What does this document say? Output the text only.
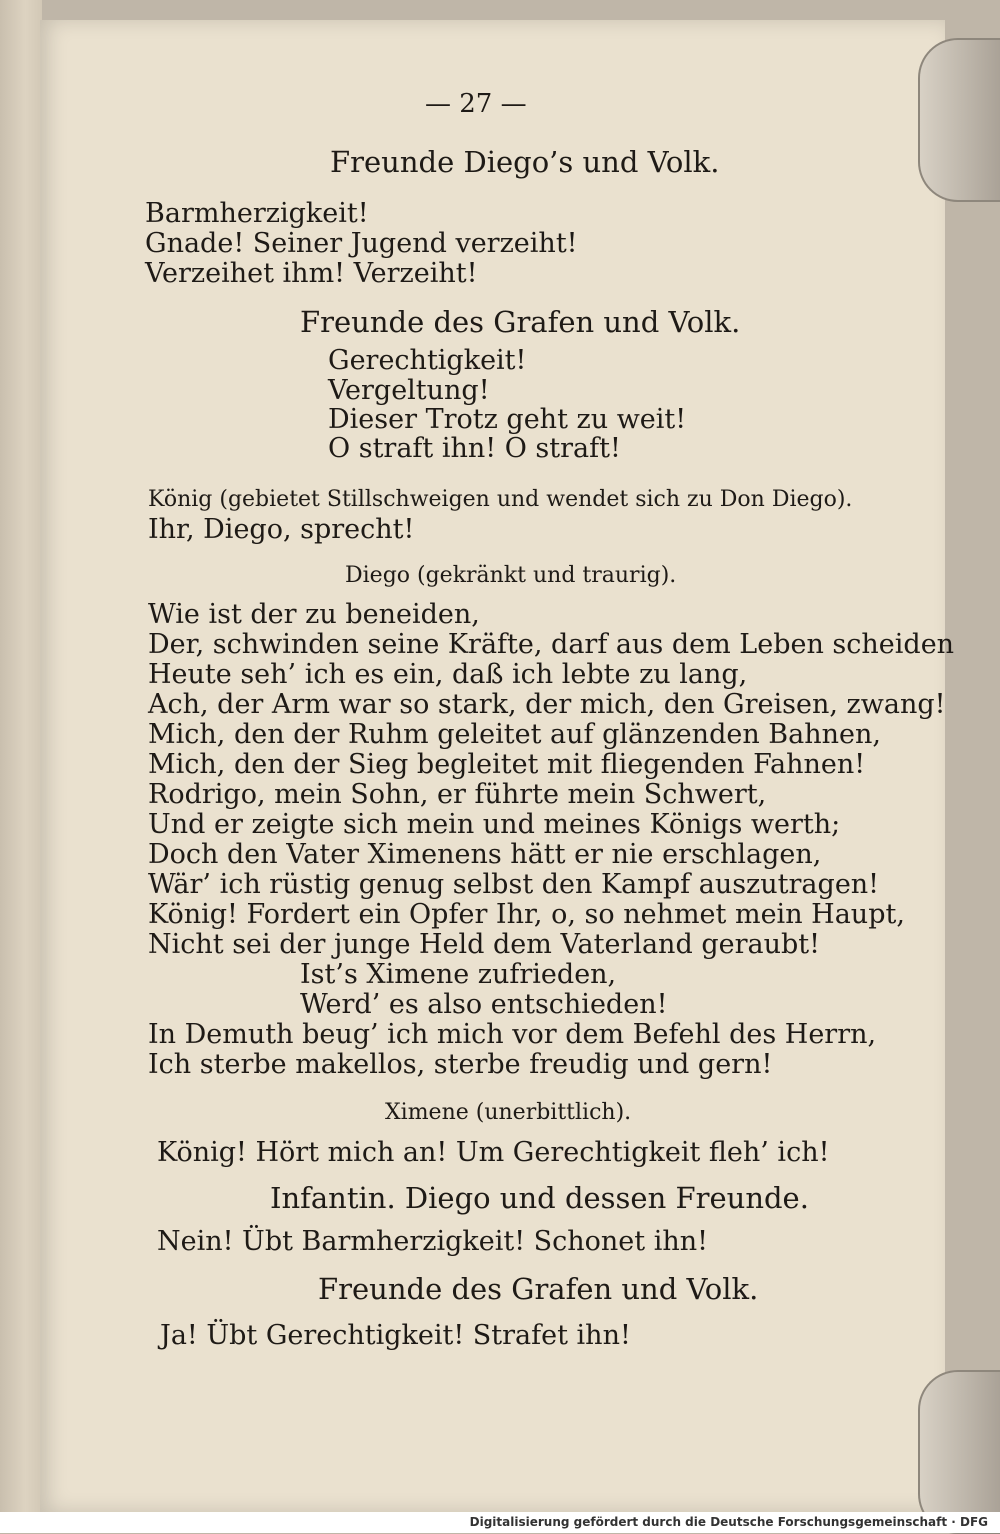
— 27 —
Freunde Diego’s und Volk.
Barmherzigkeit!
Gnade! Seiner Jugend verzeiht!
Verzeihet ihm! Verzeiht!
Freunde des Grafen und Volk.
Gerechtigkeit!
Vergeltung!
Dieser Trotz geht zu weit!
O straft ihn! O straft!
König (gebietet Stillschweigen und wendet sich zu Don Diego).
Ihr, Diego, sprecht!
Diego (gekränkt und traurig).
Wie ist der zu beneiden,
Der, schwinden seine Kräfte, darf aus dem Leben scheiden
Heute seh’ ich es ein, daß ich lebte zu lang,
Ach, der Arm war so stark, der mich, den Greisen, zwang!
Mich, den der Ruhm geleitet auf glänzenden Bahnen,
Mich, den der Sieg begleitet mit fliegenden Fahnen!
Rodrigo, mein Sohn, er führte mein Schwert,
Und er zeigte sich mein und meines Königs werth;
Doch den Vater Ximenens hätt er nie erschlagen,
Wär’ ich rüstig genug selbst den Kampf auszutragen!
König! Fordert ein Opfer Ihr, o, so nehmet mein Haupt,
Nicht sei der junge Held dem Vaterland geraubt!
Ist’s Ximene zufrieden,
Werd’ es also entschieden!
In Demuth beug’ ich mich vor dem Befehl des Herrn,
Ich sterbe makellos, sterbe freudig und gern!
Ximene (unerbittlich).
König! Hört mich an! Um Gerechtigkeit fleh’ ich!
Infantin. Diego und dessen Freunde.
Nein! Übt Barmherzigkeit! Schonet ihn!
Freunde des Grafen und Volk.
Ja! Übt Gerechtigkeit! Strafet ihn!
Digitalisierung gefördert durch die Deutsche Forschungsgemeinschaft · DFG
